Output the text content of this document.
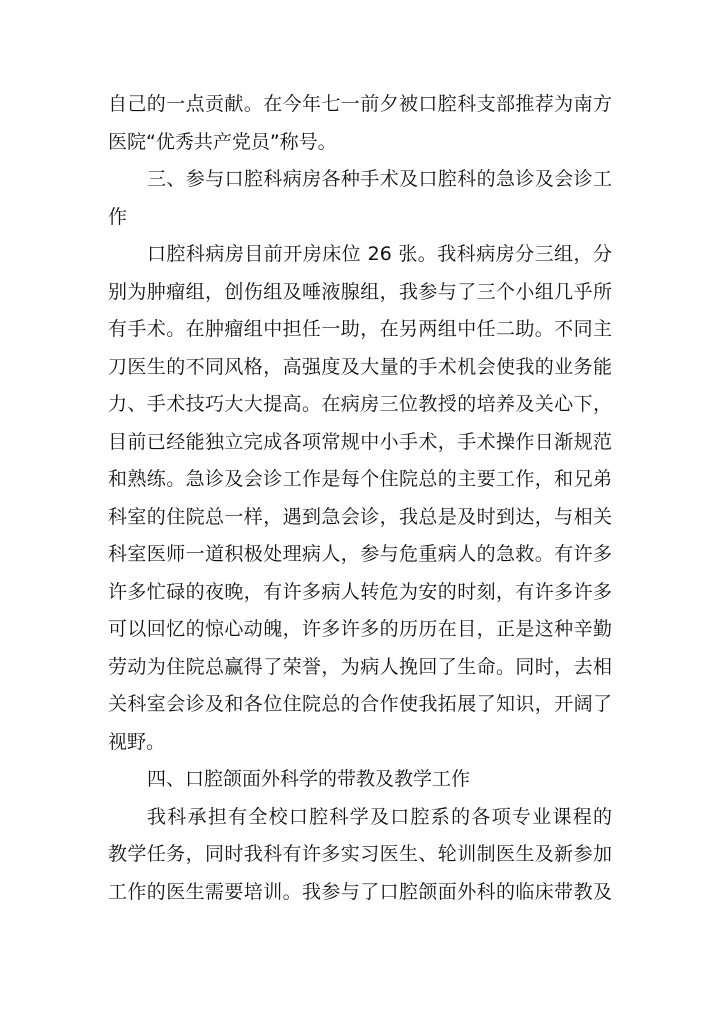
自己的一点贡献。在今年七一前夕被口腔科支部推荐为南方
医院“优秀共产党员”称号。
三、参与口腔科病房各种手术及口腔科的急诊及会诊工
作
口腔科病房目前开房床位 26 张。我科病房分三组，分
别为肿瘤组，创伤组及唾液腺组，我参与了三个小组几乎所
有手术。在肿瘤组中担任一助，在另两组中任二助。不同主
刀医生的不同风格，高强度及大量的手术机会使我的业务能
力、手术技巧大大提高。在病房三位教授的培养及关心下，
目前已经能独立完成各项常规中小手术，手术操作日渐规范
和熟练。急诊及会诊工作是每个住院总的主要工作，和兄弟
科室的住院总一样，遇到急会诊，我总是及时到达，与相关
科室医师一道积极处理病人，参与危重病人的急救。有许多
许多忙碌的夜晚，有许多病人转危为安的时刻，有许多许多
可以回忆的惊心动魄，许多许多的历历在目，正是这种辛勤
劳动为住院总赢得了荣誉，为病人挽回了生命。同时，去相
关科室会诊及和各位住院总的合作使我拓展了知识，开阔了
视野。
四、口腔颌面外科学的带教及教学工作
我科承担有全校口腔科学及口腔系的各项专业课程的
教学任务，同时我科有许多实习医生、轮训制医生及新参加
工作的医生需要培训。我参与了口腔颌面外科的临床带教及
